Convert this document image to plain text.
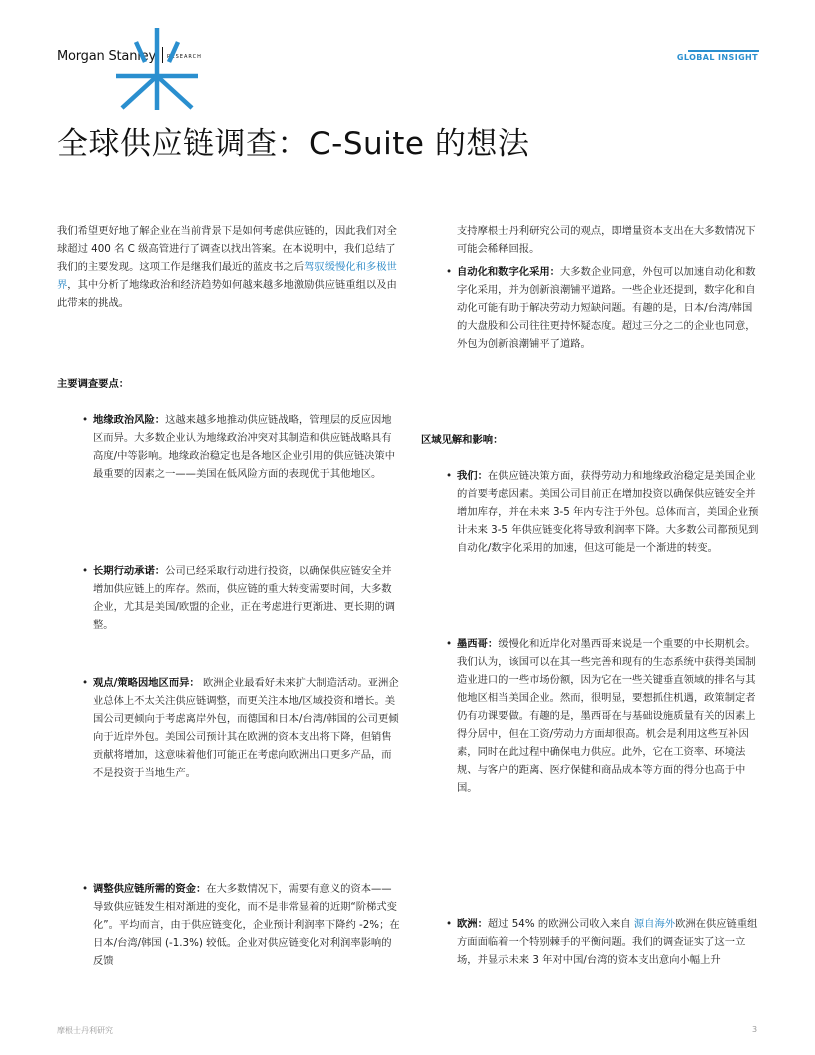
Morgan Stanley RESEARCH	GLOBAL INSIGHT
全球供应链调查：C-Suite 的想法
我们希望更好地了解企业在当前背景下是如何考虑供应链的，因此我们对全球超过 400 名 C 级高管进行了调查以找出答案。在本说明中，我们总结了我们的主要发现。这项工作是继我们最近的蓝皮书之后驾驭缓慢化和多极世界，其中分析了地缘政治和经济趋势如何越来越多地激励供应链重组以及由此带来的挑战。
主要调查要点：
• 地缘政治风险：这越来越多地推动供应链战略，管理层的反应因地区而异。大多数企业认为地缘政治冲突对其制造和供应链战略具有高度/中等影响。地缘政治稳定也是各地区企业引用的供应链决策中最重要的因素之一——美国在低风险方面的表现优于其他地区。
• 长期行动承诺：公司已经采取行动进行投资，以确保供应链安全并增加供应链上的库存。然而，供应链的重大转变需要时间，大多数企业，尤其是美国/欧盟的企业，正在考虑进行更渐进、更长期的调整。
• 观点/策略因地区而异： 欧洲企业最看好未来扩大制造活动。亚洲企业总体上不太关注供应链调整，而更关注本地/区域投资和增长。美国公司更倾向于考虑离岸外包，而德国和日本/台湾/韩国的公司更倾向于近岸外包。美国公司预计其在欧洲的资本支出将下降，但销售贡献将增加，这意味着他们可能正在考虑向欧洲出口更多产品，而不是投资于当地生产。
• 调整供应链所需的资金：在大多数情况下，需要有意义的资本——导致供应链发生相对渐进的变化，而不是非常显着的近期“阶梯式变化”。平均而言，由于供应链变化，企业预计利润率下降约 -2%；在日本/台湾/韩国 (-1.3%) 较低。企业对供应链变化对利润率影响的反馈
支持摩根士丹利研究公司的观点，即增量资本支出在大多数情况下可能会稀释回报。
• 自动化和数字化采用：大多数企业同意，外包可以加速自动化和数字化采用，并为创新浪潮铺平道路。一些企业还提到，数字化和自动化可能有助于解决劳动力短缺问题。有趣的是，日本/台湾/韩国的大盘股和公司往往更持怀疑态度。超过三分之二的企业也同意，外包为创新浪潮铺平了道路。
区域见解和影响：
• 我们：在供应链决策方面，获得劳动力和地缘政治稳定是美国企业的首要考虑因素。美国公司目前正在增加投资以确保供应链安全并增加库存，并在未来 3-5 年内专注于外包。总体而言，美国企业预计未来 3-5 年供应链变化将导致利润率下降。大多数公司都预见到自动化/数字化采用的加速，但这可能是一个渐进的转变。
• 墨西哥：缓慢化和近岸化对墨西哥来说是一个重要的中长期机会。我们认为，该国可以在其一些完善和现有的生态系统中获得美国制造业进口的一些市场份额，因为它在一些关键垂直领域的排名与其他地区相当美国企业。然而，很明显，要想抓住机遇，政策制定者仍有功课要做。有趣的是，墨西哥在与基础设施质量有关的因素上得分居中，但在工资/劳动力方面却很高。机会是利用这些互补因素，同时在此过程中确保电力供应。此外，它在工资率、环境法规、与客户的距离、医疗保健和商品成本等方面的得分也高于中国。
• 欧洲：超过 54% 的欧洲公司收入来自 源自海外欧洲在供应链重组方面面临着一个特别棘手的平衡问题。我们的调查证实了这一立场，并显示未来 3 年对中国/台湾的资本支出意向小幅上升
摩根士丹利研究	3
